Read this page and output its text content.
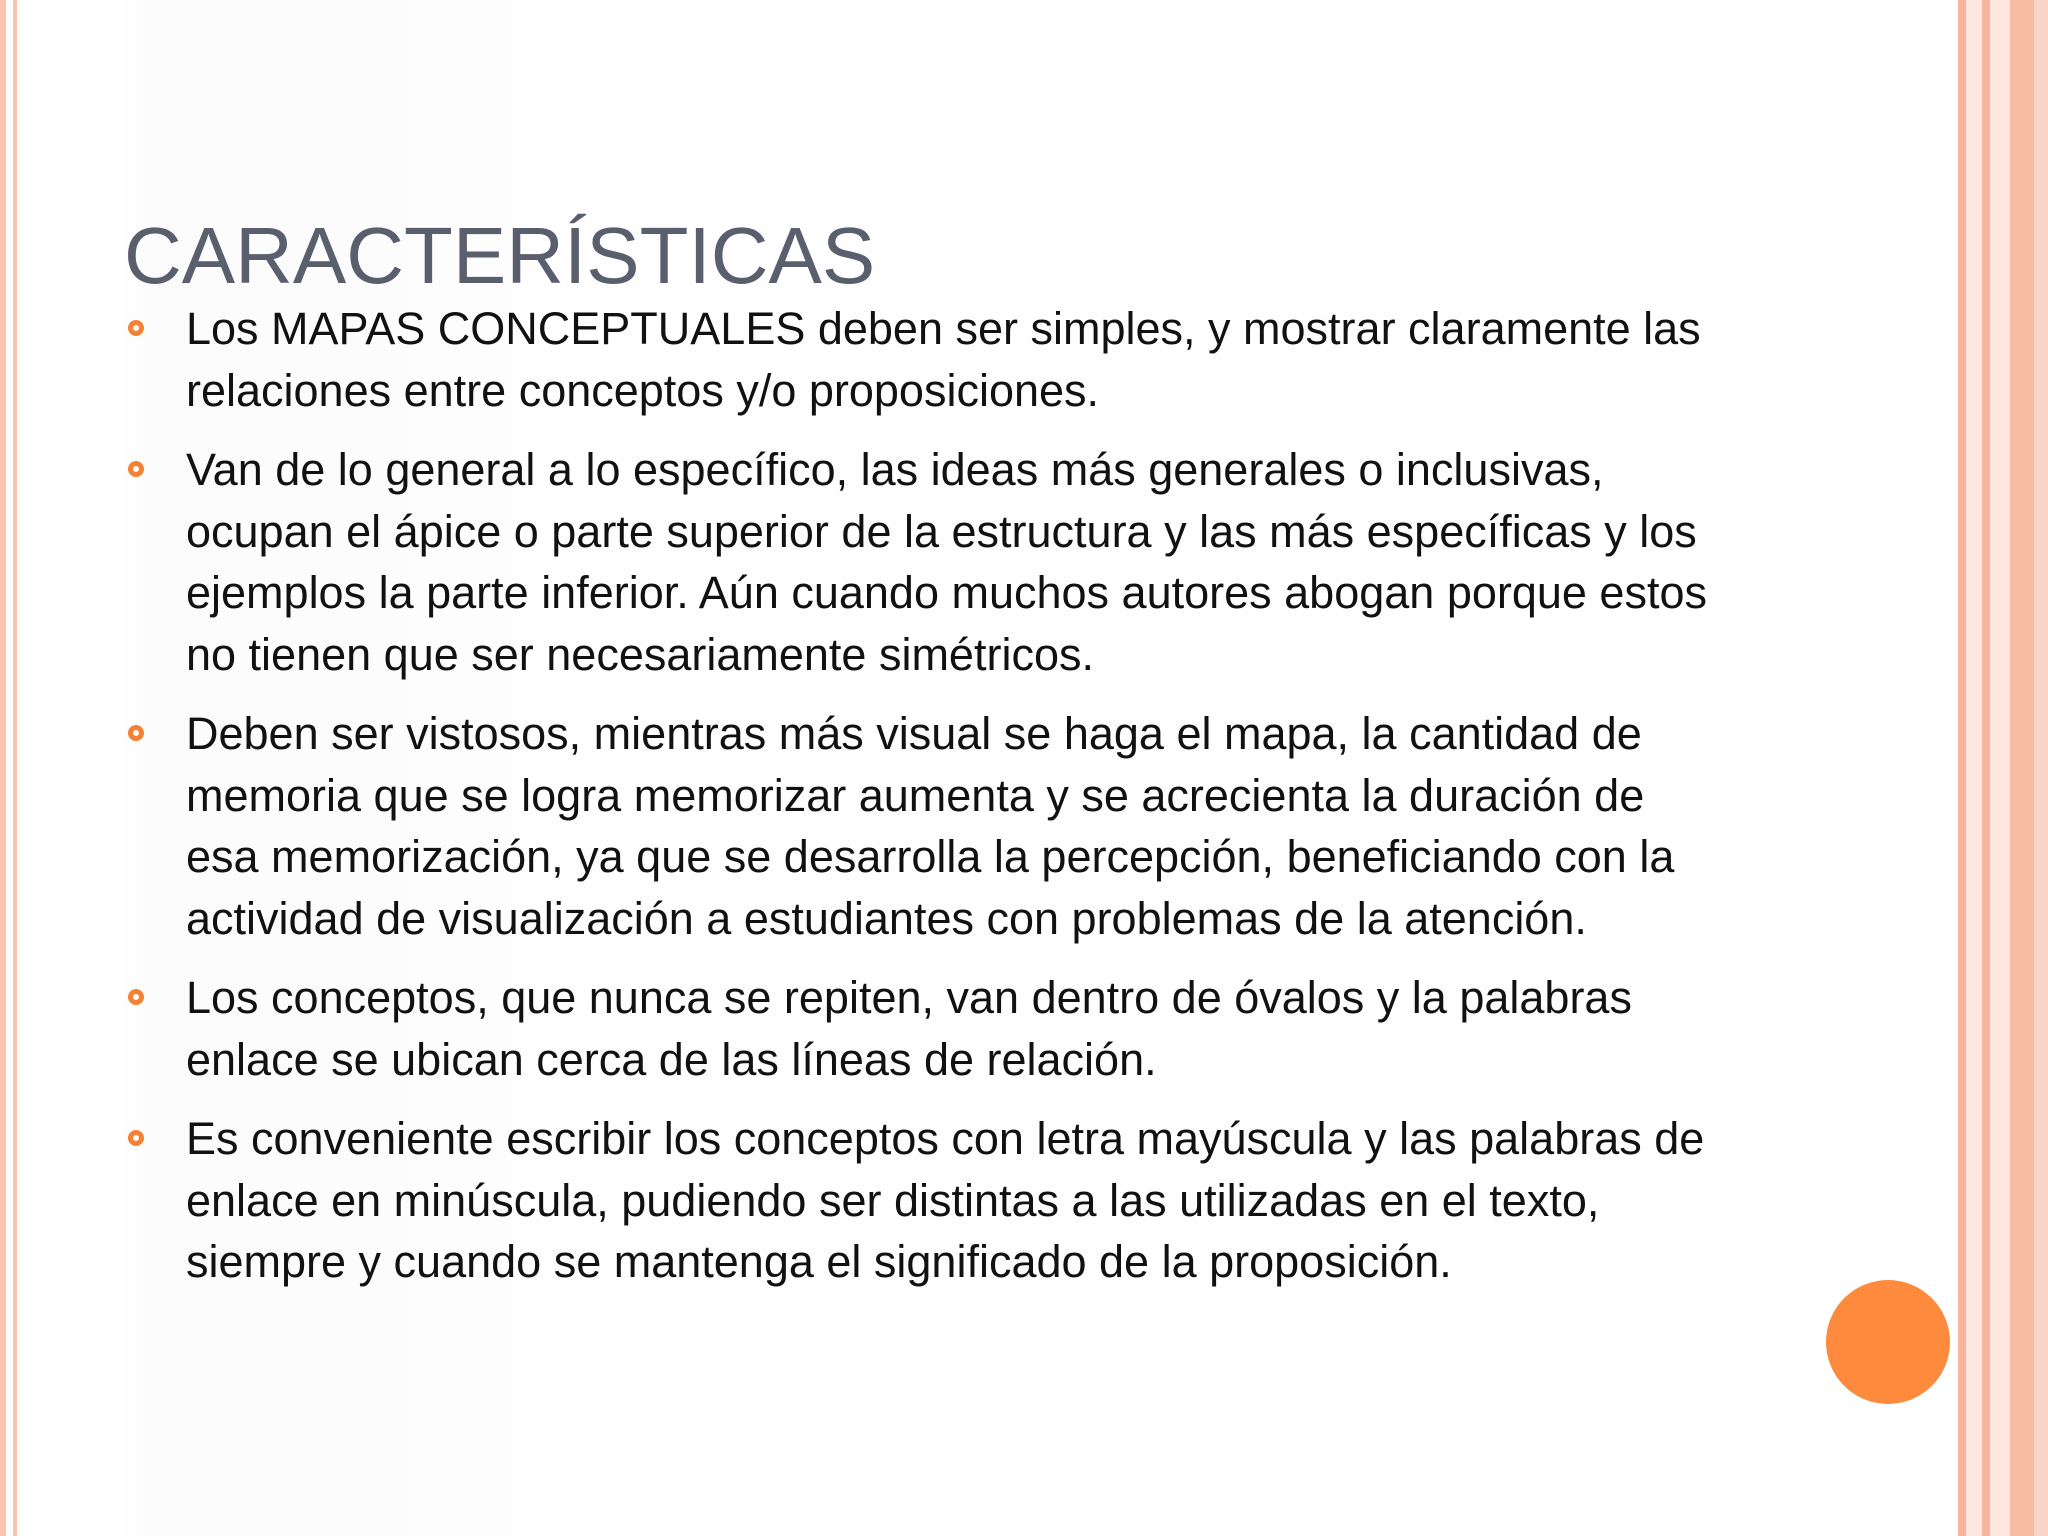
CARACTERÍSTICAS
Los MAPAS CONCEPTUALES deben ser simples, y mostrar claramente las
relaciones entre conceptos y/o proposiciones.
Van de lo general a lo específico, las ideas más generales o inclusivas,
ocupan el ápice o parte superior de la estructura y las más específicas y los
ejemplos la parte inferior. Aún cuando muchos autores abogan porque estos
no tienen que ser necesariamente simétricos.
Deben ser vistosos, mientras más visual se haga el mapa, la cantidad de
memoria que se logra memorizar aumenta y se acrecienta la duración de
esa memorización, ya que se desarrolla la percepción, beneficiando con la
actividad de visualización a estudiantes con problemas de la atención.
Los conceptos, que nunca se repiten, van dentro de óvalos y la palabras
enlace se ubican cerca de las líneas de relación.
Es conveniente escribir los conceptos con letra mayúscula y las palabras de
enlace en minúscula, pudiendo ser distintas a las utilizadas en el texto,
siempre y cuando se mantenga el significado de la proposición.
